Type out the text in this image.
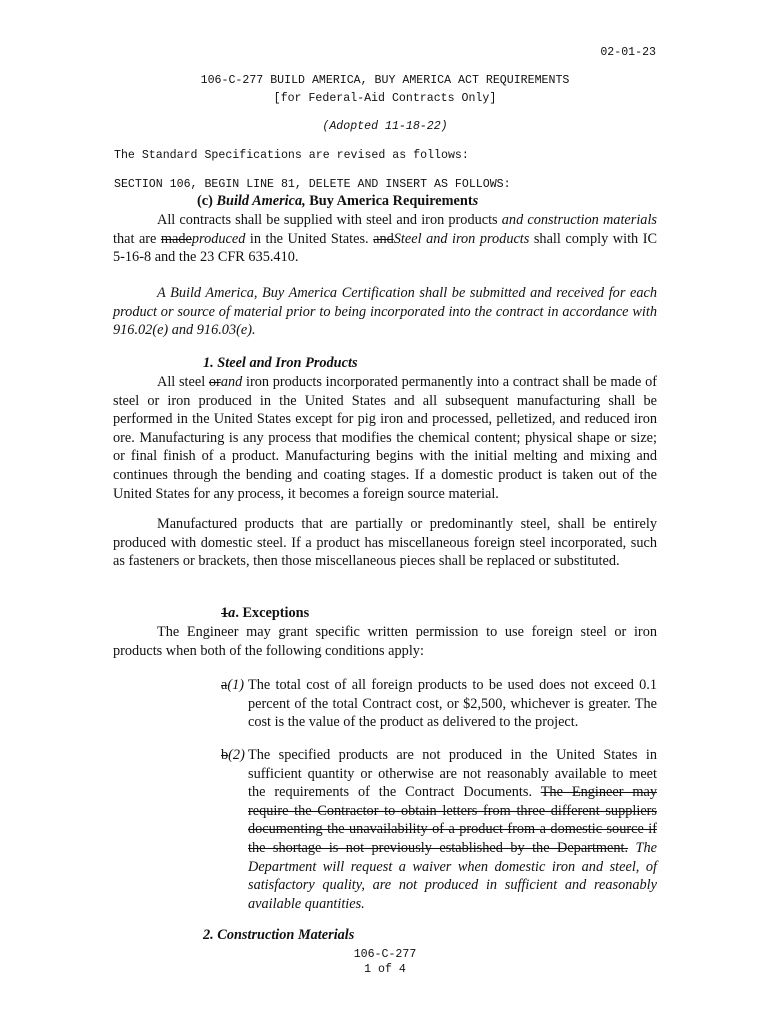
02-01-23
106-C-277 BUILD AMERICA, BUY AMERICA ACT REQUIREMENTS
[for Federal-Aid Contracts Only]
(Adopted 11-18-22)
The Standard Specifications are revised as follows:
SECTION 106, BEGIN LINE 81, DELETE AND INSERT AS FOLLOWS:
(c) Build America, Buy America Requirements
All contracts shall be supplied with steel and iron products and construction materials that are madeproduced in the United States. andSteel and iron products shall comply with IC 5-16-8 and the 23 CFR 635.410.
A Build America, Buy America Certification shall be submitted and received for each product or source of material prior to being incorporated into the contract in accordance with 916.02(e) and 916.03(e).
1. Steel and Iron Products
All steel orand iron products incorporated permanently into a contract shall be made of steel or iron produced in the United States and all subsequent manufacturing shall be performed in the United States except for pig iron and processed, pelletized, and reduced iron ore. Manufacturing is any process that modifies the chemical content; physical shape or size; or final finish of a product. Manufacturing begins with the initial melting and mixing and continues through the bending and coating stages. If a domestic product is taken out of the United States for any process, it becomes a foreign source material.
Manufactured products that are partially or predominantly steel, shall be entirely produced with domestic steel. If a product has miscellaneous foreign steel incorporated, such as fasteners or brackets, then those miscellaneous pieces shall be replaced or substituted.
1a. Exceptions
The Engineer may grant specific written permission to use foreign steel or iron products when both of the following conditions apply:
a(1) The total cost of all foreign products to be used does not exceed 0.1 percent of the total Contract cost, or $2,500, whichever is greater. The cost is the value of the product as delivered to the project.
b(2) The specified products are not produced in the United States in sufficient quantity or otherwise are not reasonably available to meet the requirements of the Contract Documents. The Engineer may require the Contractor to obtain letters from three different suppliers documenting the unavailability of a product from a domestic source if the shortage is not previously established by the Department. The Department will request a waiver when domestic iron and steel, of satisfactory quality, are not produced in sufficient and reasonably available quantities.
2. Construction Materials
106-C-277
1 of 4
